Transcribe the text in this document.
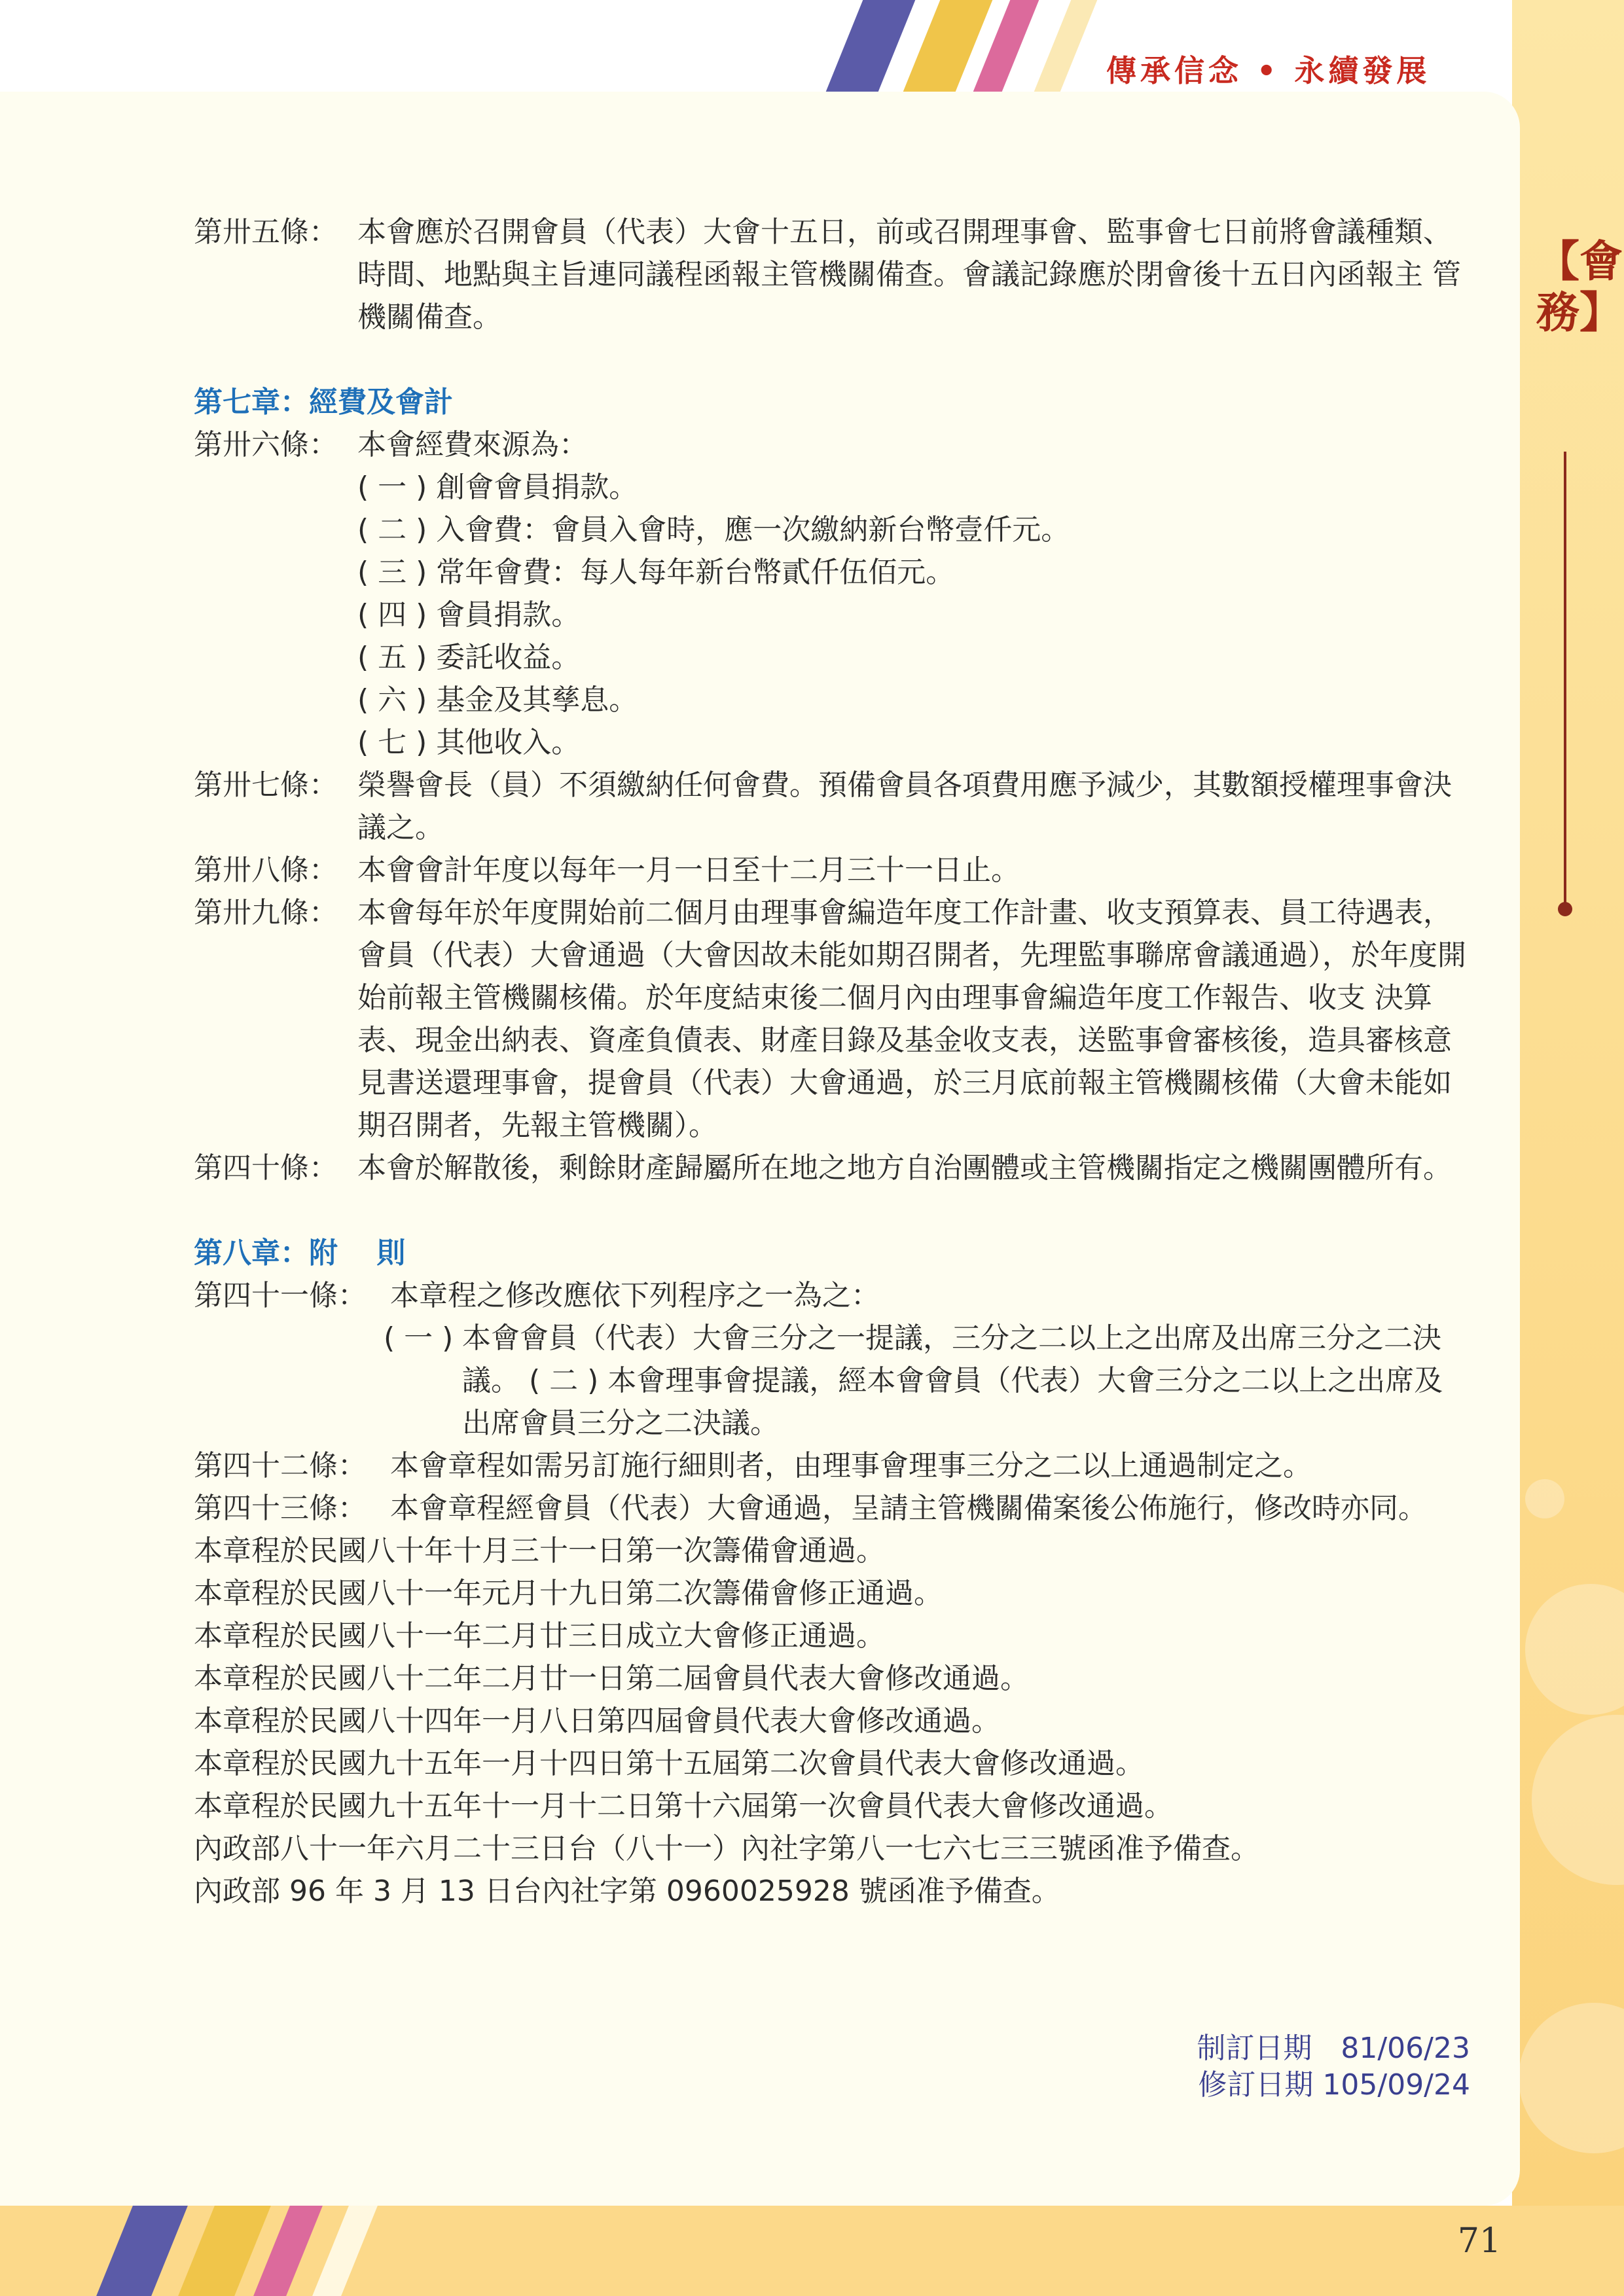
傳承信念 • 永續發展
【會務】
第卅五條： 本會應於召開會員（代表）大會十五日，前或召開理事會、監事會七日前將會議種類、 時間、地點與主旨連同議程函報主管機關備查。會議記錄應於閉會後十五日內函報主 管機關備查。
第七章：經費及會計
第卅六條： 本會經費來源為：
( 一 ) 創會會員捐款。
( 二 ) 入會費：會員入會時，應一次繳納新台幣壹仟元。
( 三 ) 常年會費：每人每年新台幣貳仟伍佰元。
( 四 ) 會員捐款。
( 五 ) 委託收益。
( 六 ) 基金及其孳息。
( 七 ) 其他收入。
第卅七條： 榮譽會長（員）不須繳納任何會費。預備會員各項費用應予減少，其數額授權理事會決議之。
第卅八條： 本會會計年度以每年一月一日至十二月三十一日止。
第卅九條： 本會每年於年度開始前二個月由理事會編造年度工作計畫、收支預算表、員工待遇表，會員（代表）大會通過（大會因故未能如期召開者，先理監事聯席會議通過），於年度開始前報主管機關核備。於年度結束後二個月內由理事會編造年度工作報告、收支 決算表、現金出納表、資產負債表、財產目錄及基金收支表，送監事會審核後，造具審核意見書送還理事會，提會員（代表）大會通過，於三月底前報主管機關核備（大會未能如期召開者，先報主管機關）。
第四十條： 本會於解散後，剩餘財產歸屬所在地之地方自治團體或主管機關指定之機關團體所有。
第八章：附　 則
第四十一條： 本章程之修改應依下列程序之一為之：
( 一 ) 本會會員（代表）大會三分之一提議，三分之二以上之出席及出席三分之二決議。 ( 二 ) 本會理事會提議，經本會會員（代表）大會三分之二以上之出席及出席會員三分之二決議。
第四十二條： 本會章程如需另訂施行細則者，由理事會理事三分之二以上通過制定之。
第四十三條： 本會章程經會員（代表）大會通過，呈請主管機關備案後公佈施行，修改時亦同。
本章程於民國八十年十月三十一日第一次籌備會通過。
本章程於民國八十一年元月十九日第二次籌備會修正通過。
本章程於民國八十一年二月廿三日成立大會修正通過。
本章程於民國八十二年二月廿一日第二屆會員代表大會修改通過。
本章程於民國八十四年一月八日第四屆會員代表大會修改通過。
本章程於民國九十五年一月十四日第十五屆第二次會員代表大會修改通過。
本章程於民國九十五年十一月十二日第十六屆第一次會員代表大會修改通過。
內政部八十一年六月二十三日台（八十一）內社字第八一七六七三三號函准予備查。
內政部 96 年 3 月 13 日台內社字第 0960025928 號函准予備查。
制訂日期　81/06/23
修訂日期 105/09/24
71
